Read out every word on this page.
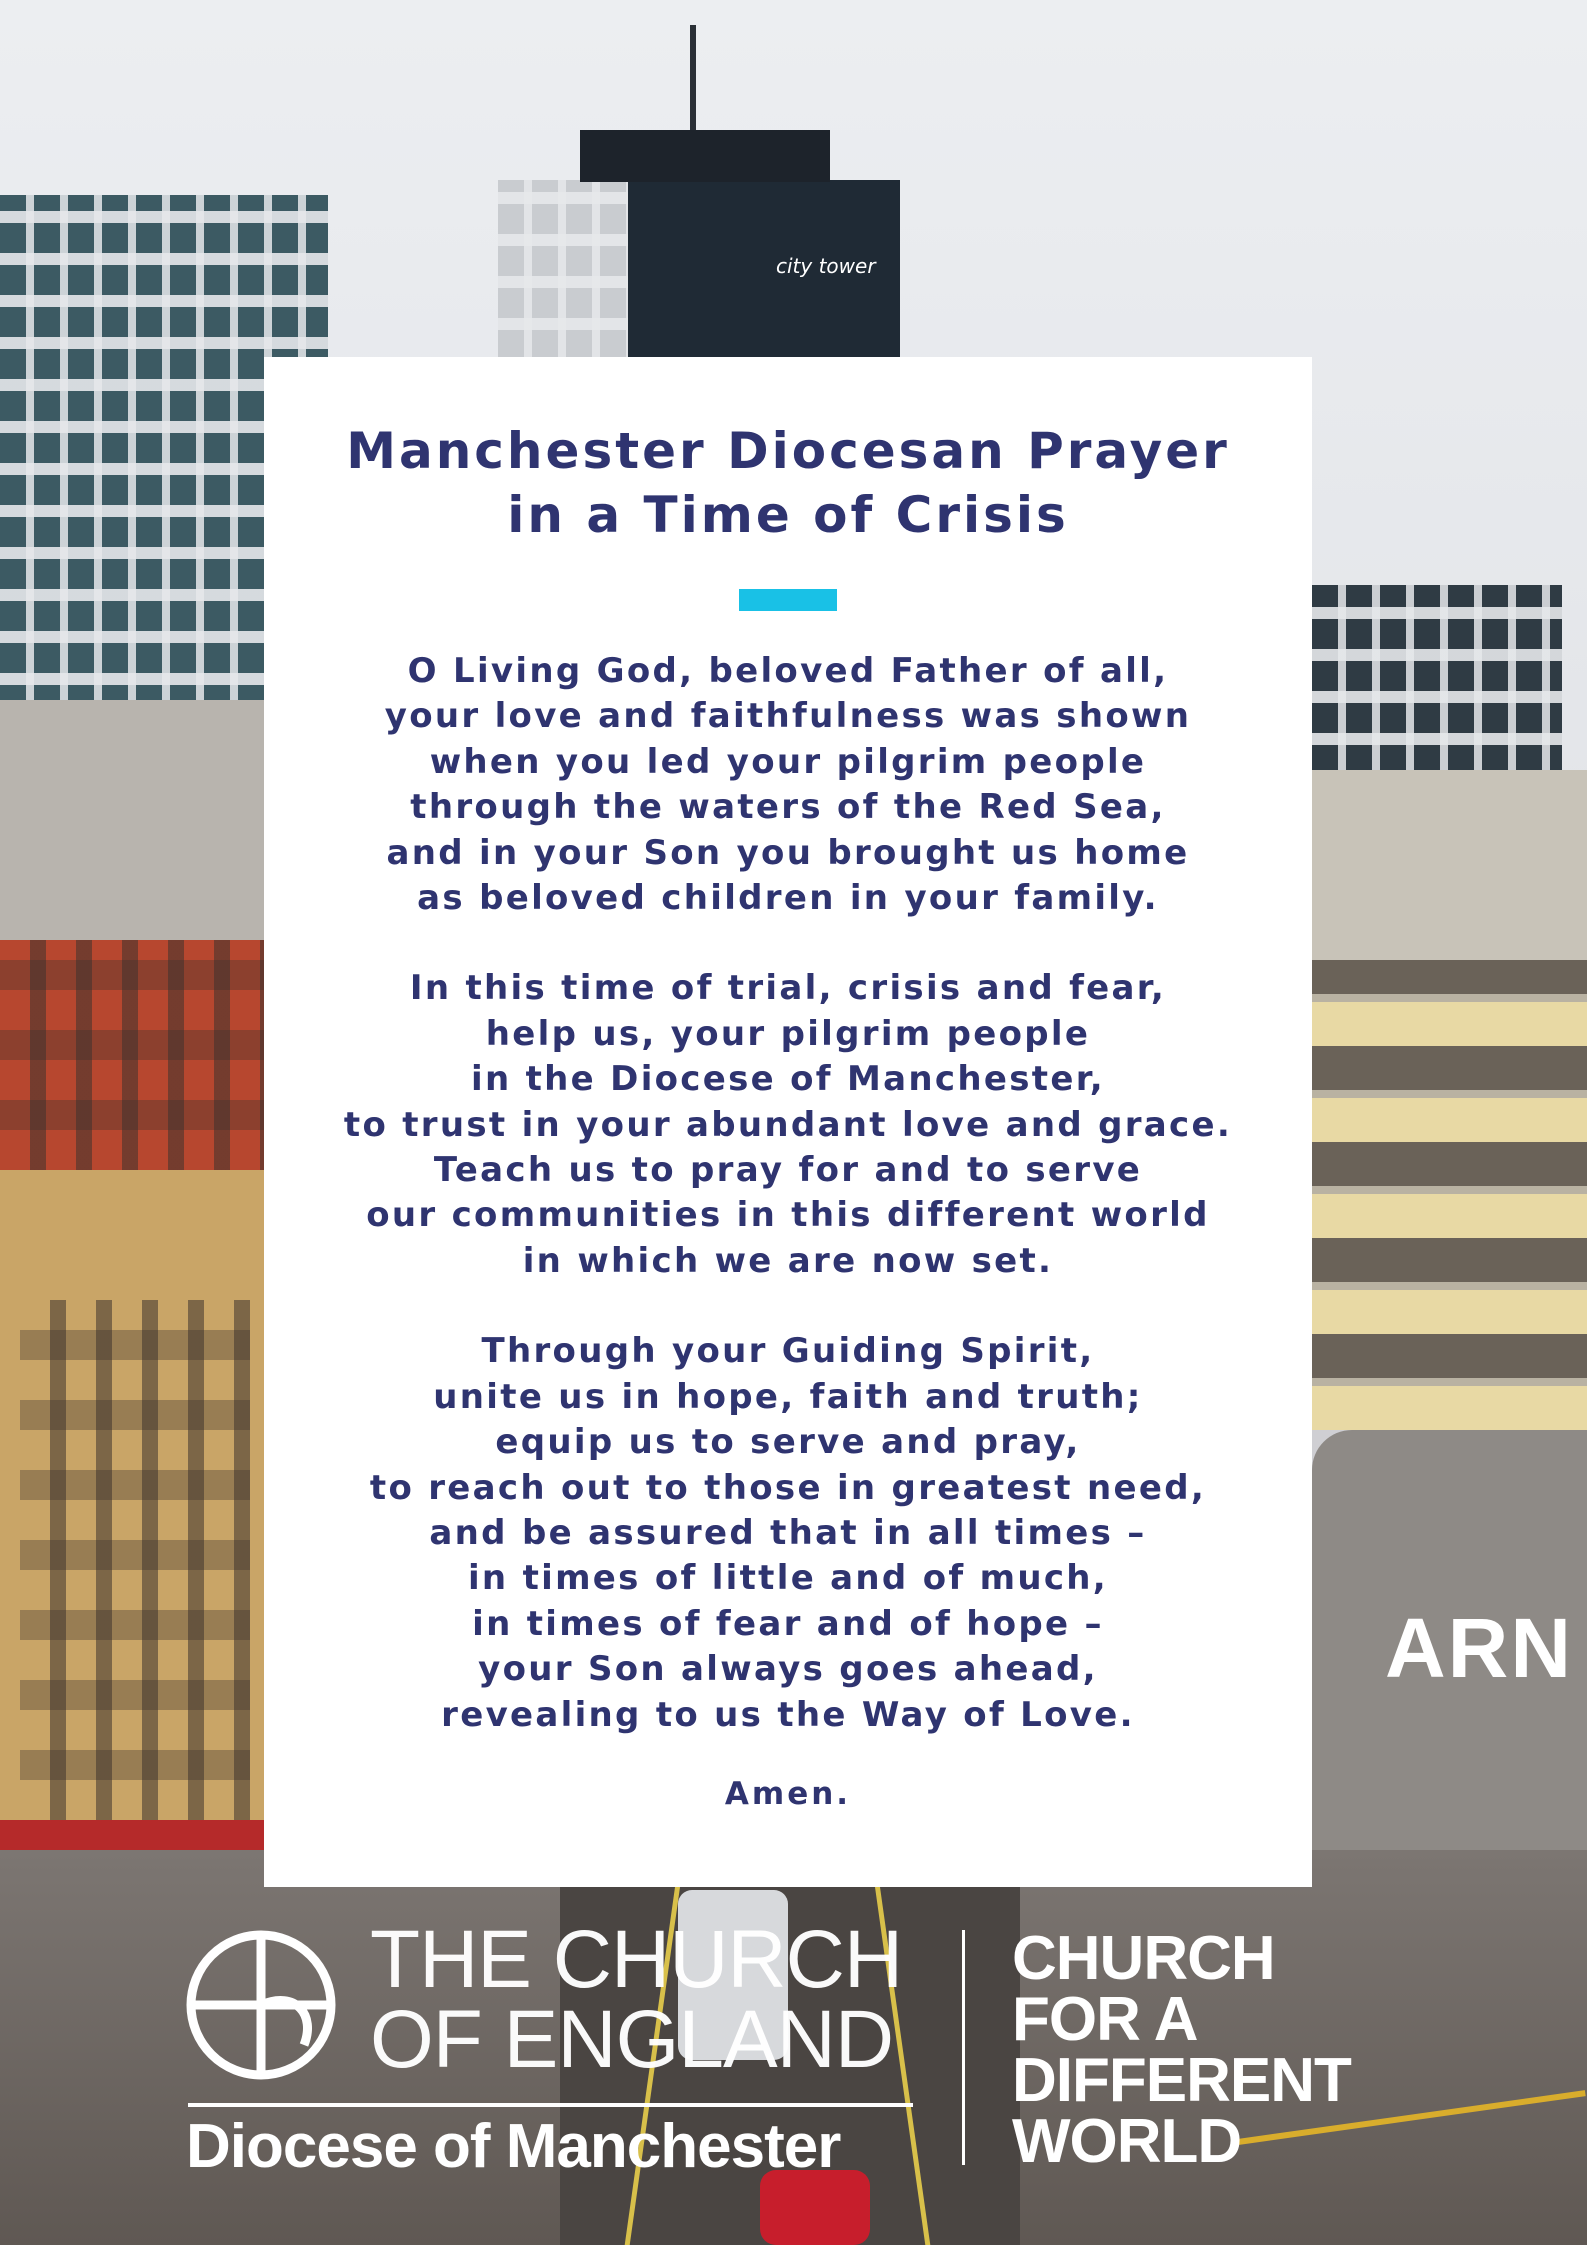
city tower
ARN
Manchester Diocesan Prayer
in a Time of Crisis

O Living God, beloved Father of all,
your love and faithfulness was shown
when you led your pilgrim people
through the waters of the Red Sea,
and in your Son you brought us home
as beloved children in your family.

In this time of trial, crisis and fear,
help us, your pilgrim people
in the Diocese of Manchester,
to trust in your abundant love and grace.
Teach us to pray for and to serve
our communities in this different world
in which we are now set.

Through your Guiding Spirit,
unite us in hope, faith and truth;
equip us to serve and pray,
to reach out to those in greatest need,
and be assured that in all times –
in times of little and of much,
in times of fear and of hope –
your Son always goes ahead,
revealing to us the Way of Love.

Amen.
THE CHURCH
OF ENGLAND
Diocese of Manchester
CHURCH
FOR A
DIFFERENT
WORLD
